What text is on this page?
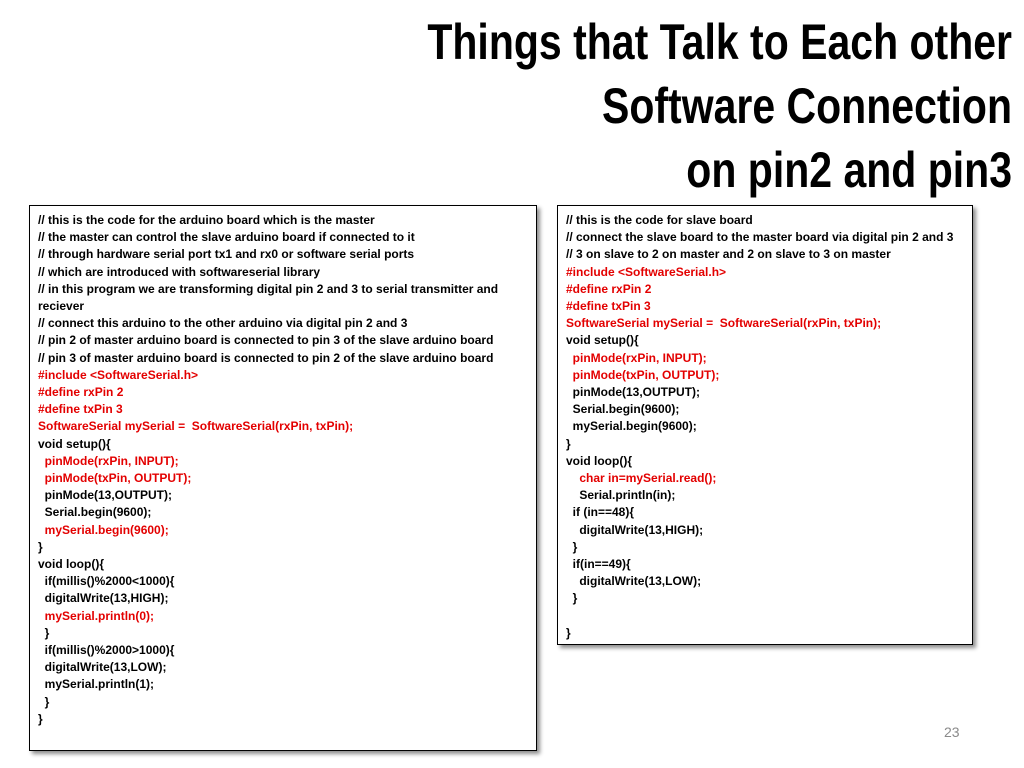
Things that Talk to Each other
Software Connection
on pin2 and pin3
// this is the code for the arduino board which is the master
// the master can control the slave arduino board if connected to it
// through hardware serial port tx1 and rx0 or software serial ports
// which are introduced with softwareserial library
// in this program we are transforming digital pin 2 and 3 to serial transmitter and reciever
// connect this arduino to the other arduino via digital pin 2 and 3
// pin 2 of master arduino board is connected to pin 3 of the slave arduino board
// pin 3 of master arduino board is connected to pin 2 of the slave arduino board
#include <SoftwareSerial.h>
#define rxPin 2
#define txPin 3
SoftwareSerial mySerial =  SoftwareSerial(rxPin, txPin);
void setup(){
pinMode(rxPin, INPUT);
pinMode(txPin, OUTPUT);
pinMode(13,OUTPUT);
Serial.begin(9600);
mySerial.begin(9600);
}
void loop(){
if(millis()%2000<1000){
digitalWrite(13,HIGH);
mySerial.println(0);
}
if(millis()%2000>1000){
digitalWrite(13,LOW);
mySerial.println(1);
}
}
// this is the code for slave board
// connect the slave board to the master board via digital pin 2 and 3
// 3 on slave to 2 on master and 2 on slave to 3 on master
#include <SoftwareSerial.h>
#define rxPin 2
#define txPin 3
SoftwareSerial mySerial =  SoftwareSerial(rxPin, txPin);
void setup(){
pinMode(rxPin, INPUT);
pinMode(txPin, OUTPUT);
pinMode(13,OUTPUT);
Serial.begin(9600);
mySerial.begin(9600);
}
void loop(){
char in=mySerial.read();
Serial.println(in);
if (in==48){
digitalWrite(13,HIGH);
}
if(in==49){
digitalWrite(13,LOW);
}
}
23
